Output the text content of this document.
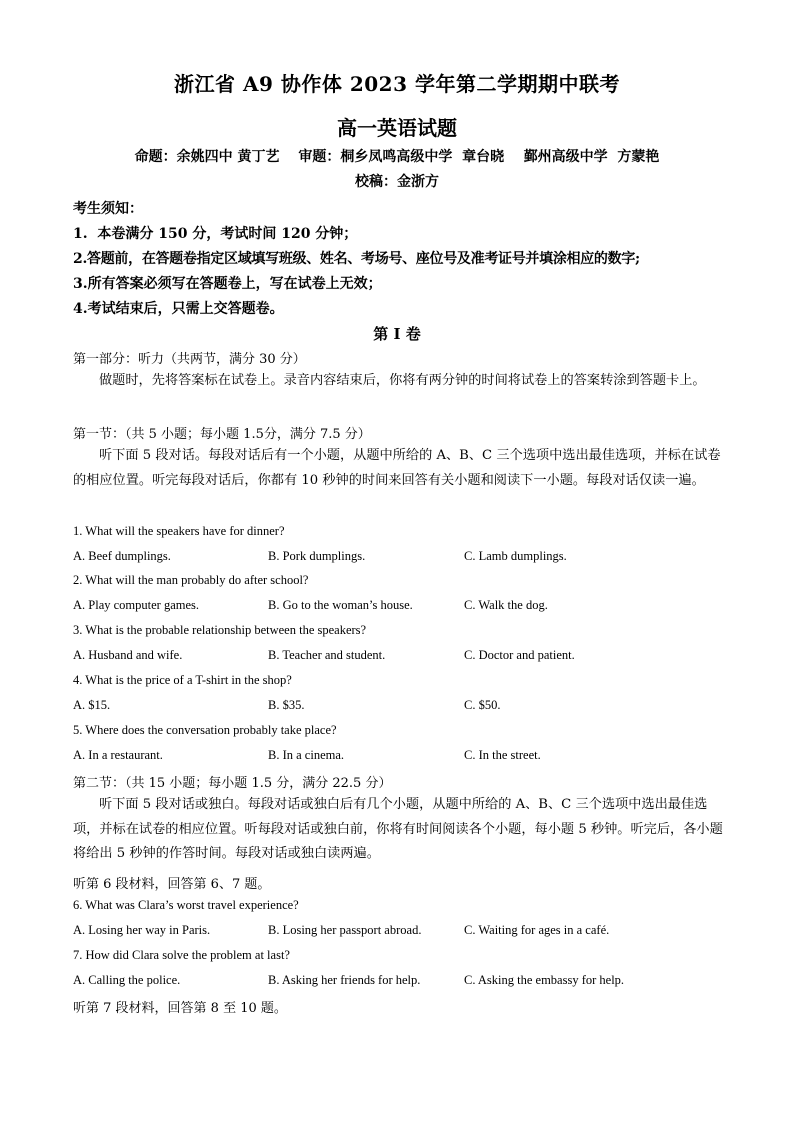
浙江省 A9 协作体 2023 学年第二学期期中联考
高一英语试题
命题：余姚四中 黄丁艺 审题：桐乡凤鸣高级中学  章台晓    鄞州高级中学  方蒙艳
校稿：金浙方
考生须知：
1.  本卷满分 150 分，考试时间 120 分钟；
2.答题前，在答题卷指定区域填写班级、姓名、考场号、座位号及准考证号并填涂相应的数字;
3.所有答案必须写在答题卷上，写在试卷上无效；
4.考试结束后，只需上交答题卷。
第 I 卷
第一部分：听力（共两节，满分 30 分）
做题时，先将答案标在试卷上。录音内容结束后，你将有两分钟的时间将试卷上的答案转涂到答题卡上。
第一节：（共 5 小题；每小题 1.5分，满分 7.5 分）
听下面 5 段对话。每段对话后有一个小题，从题中所给的 A、B、C 三个选项中选出最佳选项，并标在试卷的相应位置。听完每段对话后，你都有 10 秒钟的时间来回答有关小题和阅读下一小题。每段对话仅读一遍。
1. What will the speakers have for dinner?
A. Beef dumplings.	B. Pork dumplings.	C. Lamb dumplings.
2. What will the man probably do after school?
A. Play computer games.	B. Go to the woman’s house.	C. Walk the dog.
3. What is the probable relationship between the speakers?
A. Husband and wife.	B. Teacher and student.	C. Doctor and patient.
4. What is the price of a T-shirt in the shop?
A. $15.	B. $35.	C. $50.
5. Where does the conversation probably take place?
A. In a restaurant.	B. In a cinema.	C. In the street.
第二节：（共 15 小题；每小题 1.5 分，满分 22.5 分）
听下面 5 段对话或独白。每段对话或独白后有几个小题，从题中所给的 A、B、C 三个选项中选出最佳选项，并标在试卷的相应位置。听每段对话或独白前，你将有时间阅读各个小题，每小题 5 秒钟。听完后，各小题将给出 5 秒钟的作答时间。每段对话或独白读两遍。
听第 6 段材料，回答第 6、7 题。
6. What was Clara’s worst travel experience?
A. Losing her way in Paris.	B. Losing her passport abroad.	C. Waiting for ages in a café.
7. How did Clara solve the problem at last?
A. Calling the police.	B. Asking her friends for help.	C. Asking the embassy for help.
听第 7 段材料，回答第 8 至 10 题。
